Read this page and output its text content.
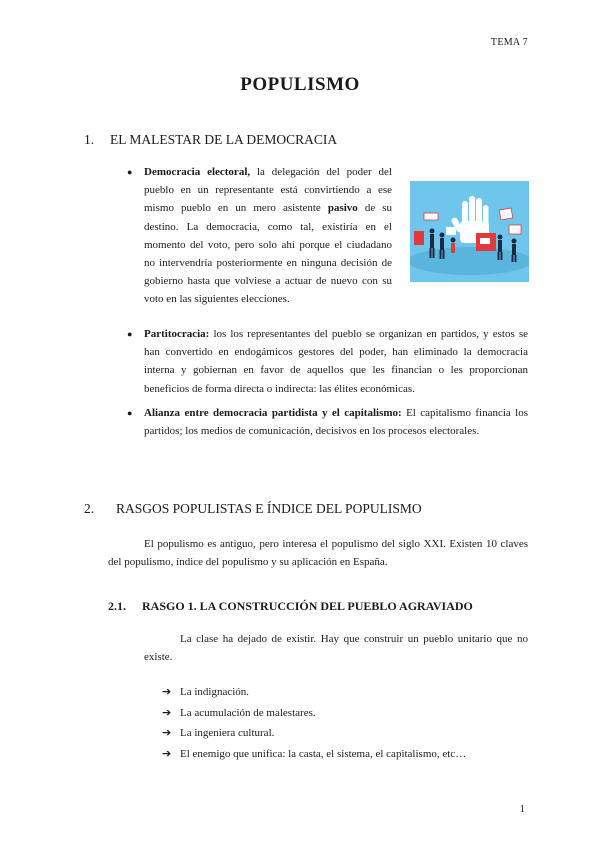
TEMA 7
POPULISMO
1. EL MALESTAR DE LA DEMOCRACIA
● Democracia electoral, la delegación del poder del pueblo en un representante está convirtiendo a ese mismo pueblo en un mero asistente pasivo de su destino. La democracia, como tal, existiría en el momento del voto, pero solo ahí porque el ciudadano no intervendría posteriormente en ninguna decisión de gobierno hasta que volviese a actuar de nuevo con su voto en las siguientes elecciones.
● Partitocracia: los los representantes del pueblo se organizan en partidos, y estos se han convertido en endogámicos gestores del poder, han eliminado la democracia interna y gobiernan en favor de aquellos que les financian o les proporcionan beneficios de forma directa o indirecta: las élites económicas.
● Alianza entre democracia partidista y el capitalismo: El capitalismo financia los partidos; los medios de comunicación, decisivos en los procesos electorales.
2. RASGOS POPULISTAS E ÍNDICE DEL POPULISMO
El populismo es antiguo, pero interesa el populismo del siglo XXI. Existen 10 claves del populismo, índice del populismo y su aplicación en España.
2.1. RASGO 1. LA CONSTRUCCIÓN DEL PUEBLO AGRAVIADO
La clase ha dejado de existir. Hay que construir un pueblo unitario que no existe.
➔ La indignación.
➔ La acumulación de malestares.
➔ La ingeniera cultural.
➔ El enemigo que unifica: la casta, el sistema, el capitalismo, etc…
1
